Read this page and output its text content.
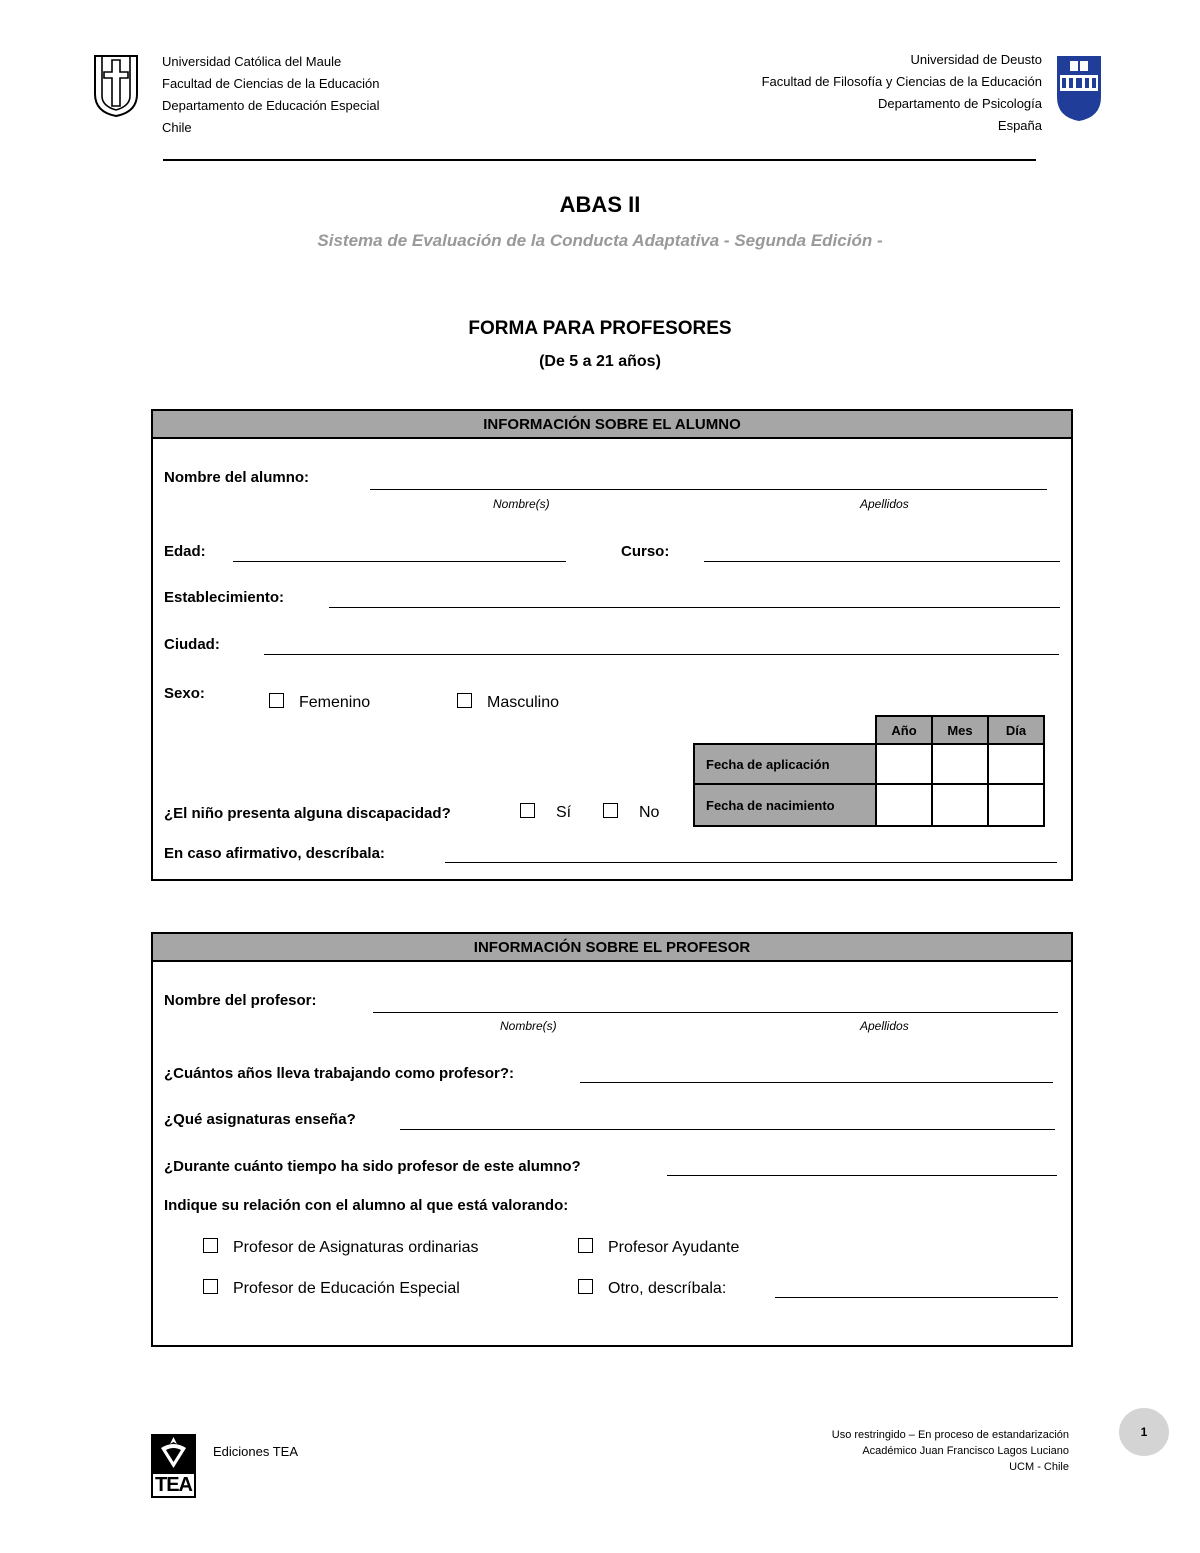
Universidad Católica del Maule
Facultad de Ciencias de la Educación
Departamento de Educación Especial
Chile
Universidad de Deusto
Facultad de Filosofía y Ciencias de la Educación
Departamento de Psicología
España
ABAS II
Sistema de Evaluación de la Conducta Adaptativa - Segunda Edición -
FORMA PARA PROFESORES
(De 5 a 21 años)
INFORMACIÓN SOBRE EL ALUMNO
Nombre del alumno:
Nombre(s)	Apellidos
Edad:	Curso:
Establecimiento:
Ciudad:
Sexo:
Femenino	Masculino
	Año	Mes	Día
Fecha de aplicación			
Fecha de nacimiento			
¿El niño presenta alguna discapacidad?	Sí	No
En caso afirmativo, descríbala:
INFORMACIÓN SOBRE EL PROFESOR
Nombre del profesor:
Nombre(s)	Apellidos
¿Cuántos años lleva trabajando como profesor?:
¿Qué asignaturas enseña?
¿Durante cuánto tiempo ha sido profesor de este alumno?
Indique su relación con el alumno al que está valorando:
Profesor de Asignaturas ordinarias	Profesor Ayudante
Profesor de Educación Especial	Otro, descríbala:
TEA
Ediciones TEA
Uso restringido – En proceso de estandarización
Académico Juan Francisco Lagos Luciano
UCM - Chile
1
